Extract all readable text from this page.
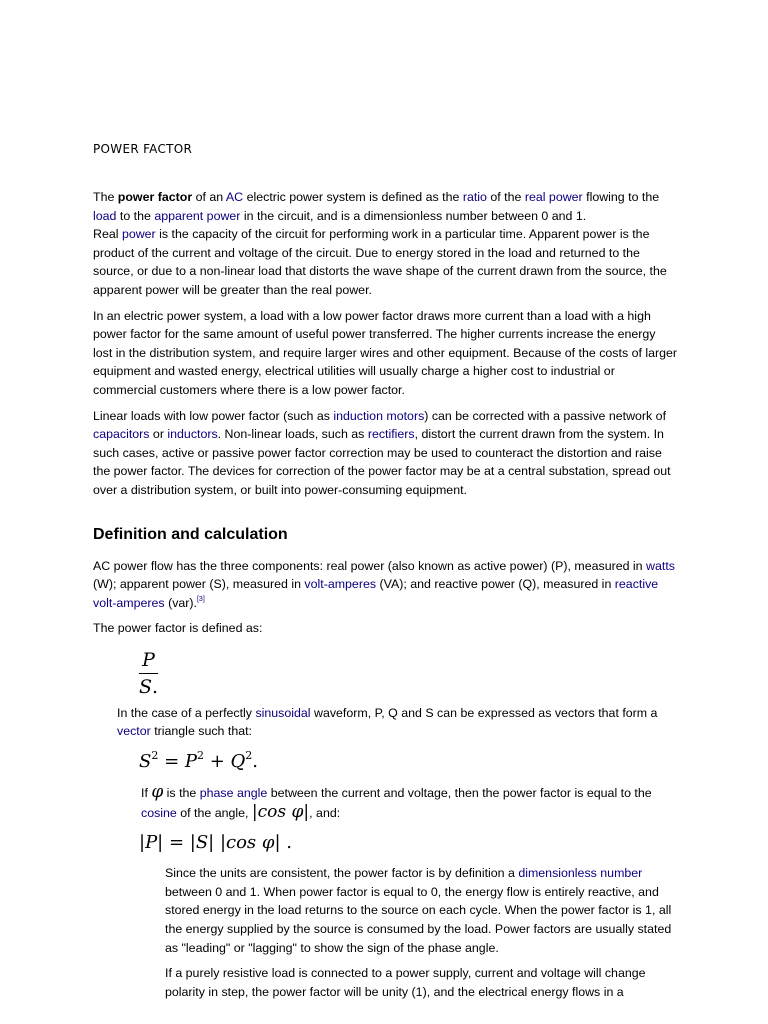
POWER FACTOR

The power factor of an AC electric power system is defined as the ratio of the real power flowing to the load to the apparent power in the circuit, and is a dimensionless number between 0 and 1.
Real power is the capacity of the circuit for performing work in a particular time. Apparent power is the product of the current and voltage of the circuit. Due to energy stored in the load and returned to the source, or due to a non-linear load that distorts the wave shape of the current drawn from the source, the apparent power will be greater than the real power.

In an electric power system, a load with a low power factor draws more current than a load with a high power factor for the same amount of useful power transferred. The higher currents increase the energy lost in the distribution system, and require larger wires and other equipment. Because of the costs of larger equipment and wasted energy, electrical utilities will usually charge a higher cost to industrial or commercial customers where there is a low power factor.

Linear loads with low power factor (such as induction motors) can be corrected with a passive network of capacitors or inductors. Non-linear loads, such as rectifiers, distort the current drawn from the system. In such cases, active or passive power factor correction may be used to counteract the distortion and raise the power factor. The devices for correction of the power factor may be at a central substation, spread out over a distribution system, or built into power-consuming equipment.

Definition and calculation

AC power flow has the three components: real power (also known as active power) (P), measured in watts (W); apparent power (S), measured in volt-amperes (VA); and reactive power (Q), measured in reactive volt-amperes (var).[3]

The power factor is defined as:

$\frac{P}{S.}$

In the case of a perfectly sinusoidal waveform, P, Q and S can be expressed as vectors that form a vector triangle such that:

$S^2 = P^2 + Q^2$.

If φ is the phase angle between the current and voltage, then the power factor is equal to the cosine of the angle, |cos φ|, and:

|P| = |S| |cos φ| .

Since the units are consistent, the power factor is by definition a dimensionless number between 0 and 1. When power factor is equal to 0, the energy flow is entirely reactive, and stored energy in the load returns to the source on each cycle. When the power factor is 1, all the energy supplied by the source is consumed by the load. Power factors are usually stated as "leading" or "lagging" to show the sign of the phase angle.

If a purely resistive load is connected to a power supply, current and voltage will change polarity in step, the power factor will be unity (1), and the electrical energy flows in a
